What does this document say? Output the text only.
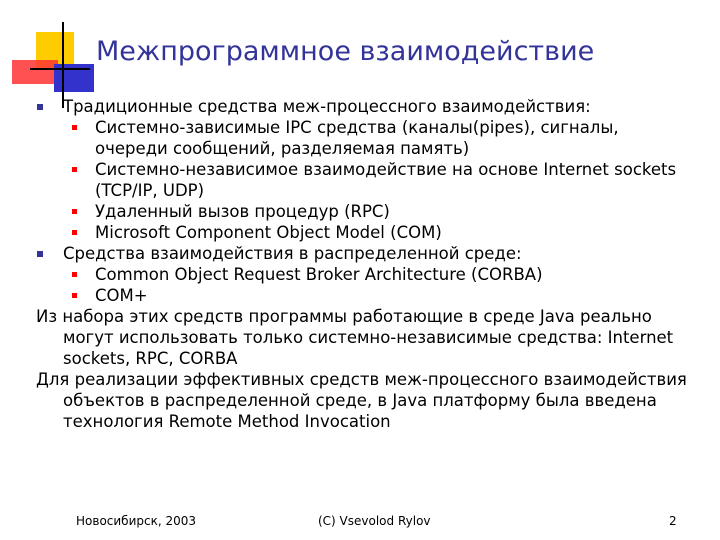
Межпрограммное взаимодействие
Традиционные средства меж-процессного взаимодействия:
Системно-зависимые IPC средства (каналы(pipes), сигналы, очереди сообщений, разделяемая память)
Системно-независимое взаимодействие на основе Internet sockets (TCP/IP, UDP)
Удаленный вызов процедур (RPC)
Microsoft Component Object Model (COM)
Средства взаимодействия в распределенной среде:
Common Object Request Broker Architecture (CORBA)
COM+
Из набора этих средств программы работающие в среде Java реально могут использовать только системно-независимые средства: Internet sockets, RPC, CORBA
Для реализации эффективных средств меж-процессного взаимодействия объектов в распределенной среде, в Java платформу была введена технология Remote Method Invocation
Новосибирск, 2003	(C) Vsevolod Rylov	2
